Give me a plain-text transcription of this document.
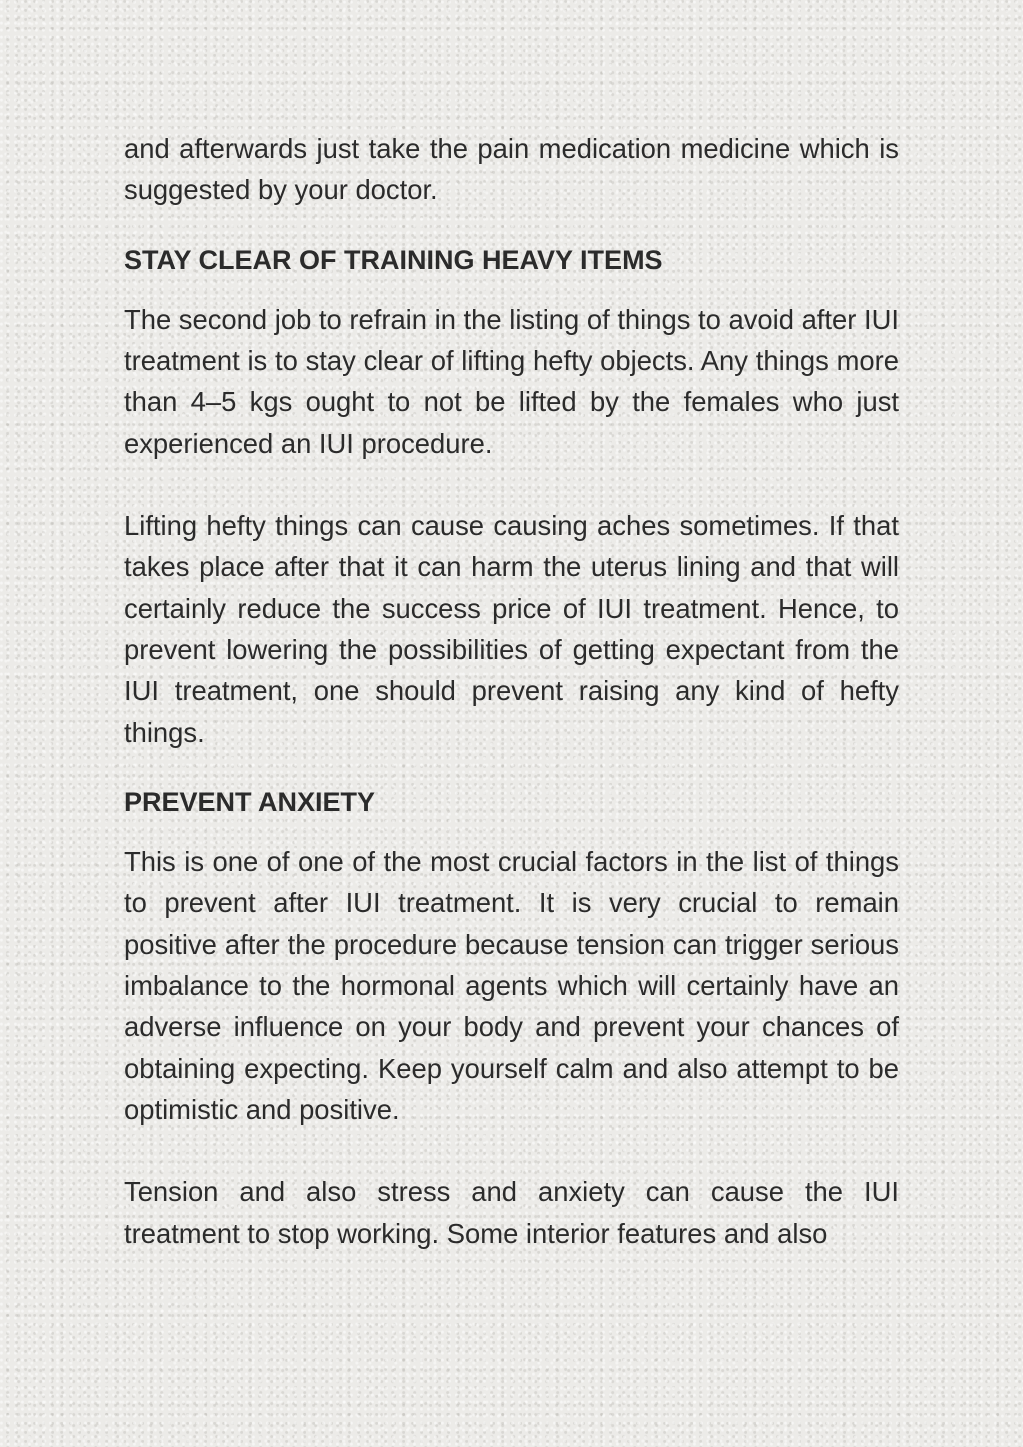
and afterwards just take the pain medication medicine which is suggested by your doctor.

STAY CLEAR OF TRAINING HEAVY ITEMS

The second job to refrain in the listing of things to avoid after IUI treatment is to stay clear of lifting hefty objects. Any things more than 4–5 kgs ought to not be lifted by the females who just experienced an IUI procedure.

Lifting hefty things can cause causing aches sometimes. If that takes place after that it can harm the uterus lining and that will certainly reduce the success price of IUI treatment. Hence, to prevent lowering the possibilities of getting expectant from the IUI treatment, one should prevent raising any kind of hefty things.

PREVENT ANXIETY

This is one of one of the most crucial factors in the list of things to prevent after IUI treatment. It is very crucial to remain positive after the procedure because tension can trigger serious imbalance to the hormonal agents which will certainly have an adverse influence on your body and prevent your chances of obtaining expecting. Keep yourself calm and also attempt to be optimistic and positive.

Tension and also stress and anxiety can cause the IUI treatment to stop working. Some interior features and also
